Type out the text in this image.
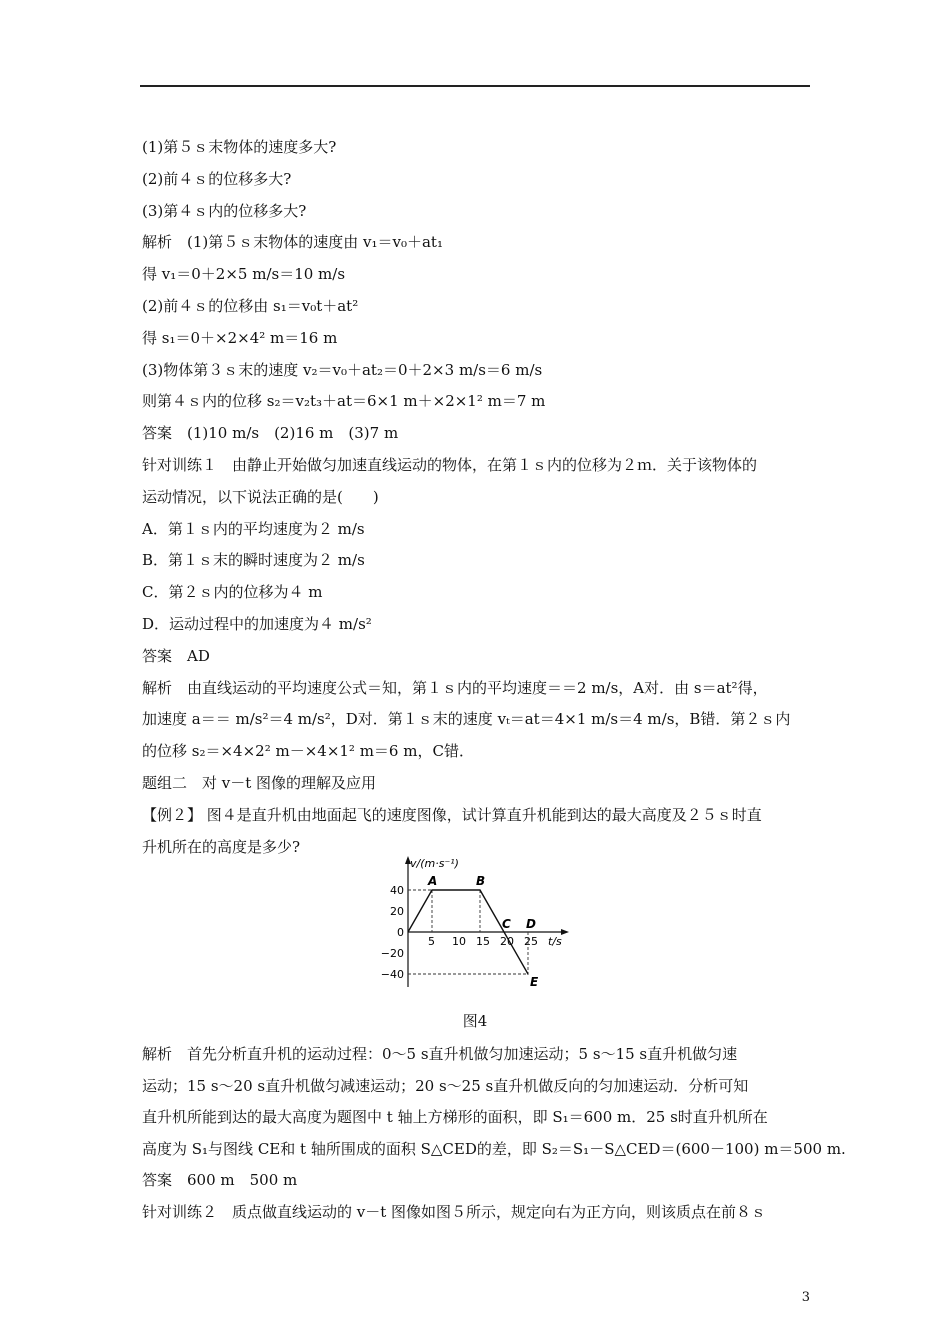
(1)第５ｓ末物体的速度多大?
(2)前４ｓ的位移多大?
(3)第４ｓ内的位移多大?
解析　(1)第５ｓ末物体的速度由 v₁＝v₀＋at₁
得 v₁＝0＋2×5 m/s＝10 m/s
(2)前４ｓ的位移由 s₁＝v₀t＋at²
得 s₁＝0＋×2×4² m＝16 m
(3)物体第３ｓ末的速度 v₂＝v₀＋at₂＝0＋2×3 m/s＝6 m/s
则第４ｓ内的位移 s₂＝v₂t₃＋at＝6×1 m＋×2×1² m＝7 m
答案　(1)10 m/s　(2)16 m　(3)7 m
针对训练１　由静止开始做匀加速直线运动的物体，在第１ｓ内的位移为２ｍ．关于该物体的
运动情况，以下说法正确的是(　　)
A．第１ｓ内的平均速度为２ m/s
B．第１ｓ末的瞬时速度为２ m/s
C．第２ｓ内的位移为４ m
D．运动过程中的加速度为４ m/s²
答案　AD
解析　由直线运动的平均速度公式＝知，第１ｓ内的平均速度＝＝2 m/s，A对．由 s＝at²得，
加速度 a＝＝ m/s²＝4 m/s²，D对．第１ｓ末的速度 vₜ＝at＝4×1 m/s＝4 m/s，B错．第２ｓ内
的位移 s₂＝×4×2² m－×4×1² m＝6 m，C错．
题组二　对 v－t 图像的理解及应用
【例２】 图４是直升机由地面起飞的速度图像，试计算直升机能到达的最大高度及２５ｓ时直
升机所在的高度是多少?
v/(m·s⁻¹)
t/s
5 10 15 20 25
40
20
0
−20
−40
A	B
C
E
D
图4
解析　首先分析直升机的运动过程：0～5 s直升机做匀加速运动；5 s～15 s直升机做匀速
运动；15 s～20 s直升机做匀减速运动；20 s～25 s直升机做反向的匀加速运动．分析可知
直升机所能到达的最大高度为题图中 t 轴上方梯形的面积，即 S₁＝600 m．25 s时直升机所在
高度为 S₁与图线 CE和 t 轴所围成的面积 S△CED的差，即 S₂＝S₁－S△CED＝(600－100) m＝500 m.
答案　600 m　500 m
针对训练２　质点做直线运动的 v－t 图像如图５所示，规定向右为正方向，则该质点在前８ｓ
3
